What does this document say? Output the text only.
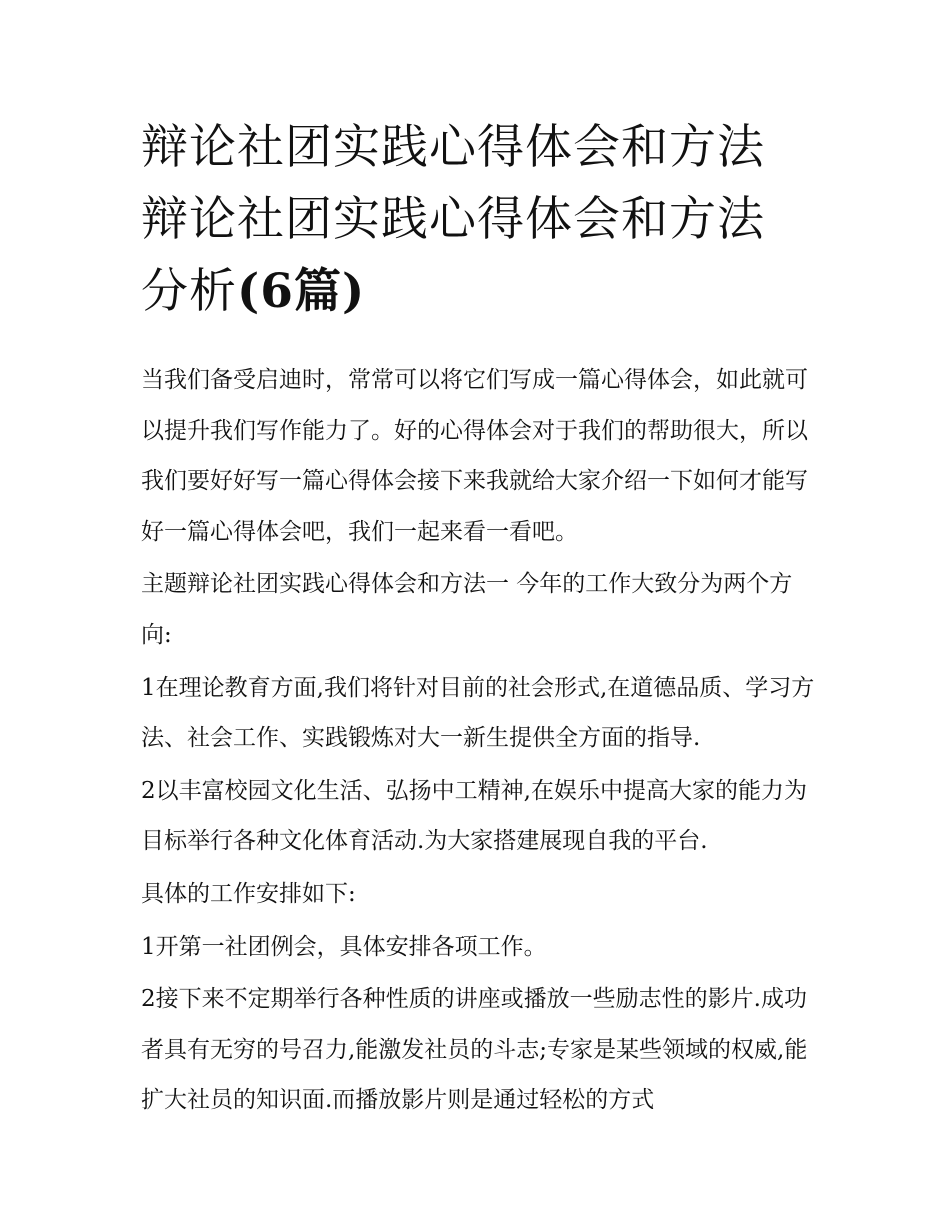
辩论社团实践心得体会和方法
辩论社团实践心得体会和方法
分析(6篇)

当我们备受启迪时，常常可以将它们写成一篇心得体会，如此就可以提升我们写作能力了。好的心得体会对于我们的帮助很大，所以我们要好好写一篇心得体会接下来我就给大家介绍一下如何才能写好一篇心得体会吧，我们一起来看一看吧。

主题辩论社团实践心得体会和方法一 今年的工作大致分为两个方向:

1在理论教育方面,我们将针对目前的社会形式,在道德品质、学习方法、社会工作、实践锻炼对大一新生提供全方面的指导.

2以丰富校园文化生活、弘扬中工精神,在娱乐中提高大家的能力为目标举行各种文化体育活动.为大家搭建展现自我的平台.

具体的工作安排如下:

1开第一社团例会，具体安排各项工作。

2接下来不定期举行各种性质的讲座或播放一些励志性的影片.成功者具有无穷的号召力,能激发社员的斗志;专家是某些领域的权威,能扩大社员的知识面.而播放影片则是通过轻松的方式
